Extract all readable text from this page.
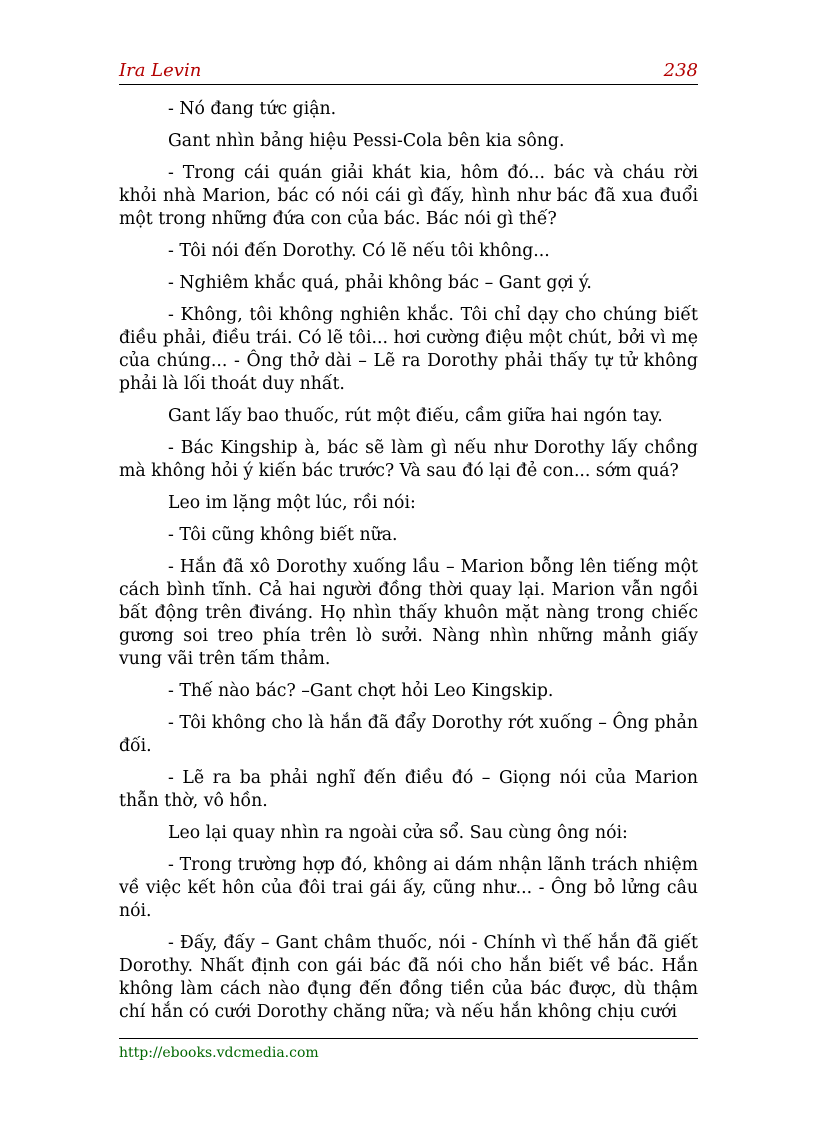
Ira Levin	238

- Nó đang tức giận.

Gant nhìn bảng hiệu Pessi-Cola bên kia sông.

- Trong cái quán giải khát kia, hôm đó... bác và cháu rời khỏi nhà Marion, bác có nói cái gì đấy, hình như bác đã xua đuổi một trong những đứa con của bác. Bác nói gì thế?

- Tôi nói đến Dorothy. Có lẽ nếu tôi không...

- Nghiêm khắc quá, phải không bác – Gant gợi ý.

- Không, tôi không nghiên khắc. Tôi chỉ dạy cho chúng biết điều phải, điều trái. Có lẽ tôi... hơi cường điệu một chút, bởi vì mẹ của chúng... - Ông thở dài – Lẽ ra Dorothy phải thấy tự tử không phải là lối thoát duy nhất.

Gant lấy bao thuốc, rút một điếu, cầm giữa hai ngón tay.

- Bác Kingship à, bác sẽ làm gì nếu như Dorothy lấy chồng mà không hỏi ý kiến bác trước? Và sau đó lại đẻ con... sớm quá?

Leo im lặng một lúc, rồi nói:

- Tôi cũng không biết nữa.

- Hắn đã xô Dorothy xuống lầu – Marion bỗng lên tiếng một cách bình tĩnh. Cả hai người đồng thời quay lại. Marion vẫn ngồi bất động trên điváng. Họ nhìn thấy khuôn mặt nàng trong chiếc gương soi treo phía trên lò sưởi. Nàng nhìn những mảnh giấy vung vãi trên tấm thảm.

- Thế nào bác? –Gant chợt hỏi Leo Kingskip.

- Tôi không cho là hắn đã đẩy Dorothy rớt xuống – Ông phản đối.

- Lẽ ra ba phải nghĩ đến điều đó – Giọng nói của Marion thẫn thờ, vô hồn.

Leo lại quay nhìn ra ngoài cửa sổ. Sau cùng ông nói:

- Trong trường hợp đó, không ai dám nhận lãnh trách nhiệm về việc kết hôn của đôi trai gái ấy, cũng như... - Ông bỏ lửng câu nói.

- Đấy, đấy – Gant châm thuốc, nói - Chính vì thế hắn đã giết Dorothy. Nhất định con gái bác đã nói cho hắn biết về bác. Hắn không làm cách nào đụng đến đồng tiền của bác được, dù thậm chí hắn có cưới Dorothy chăng nữa; và nếu hắn không chịu cưới

http://ebooks.vdcmedia.com
